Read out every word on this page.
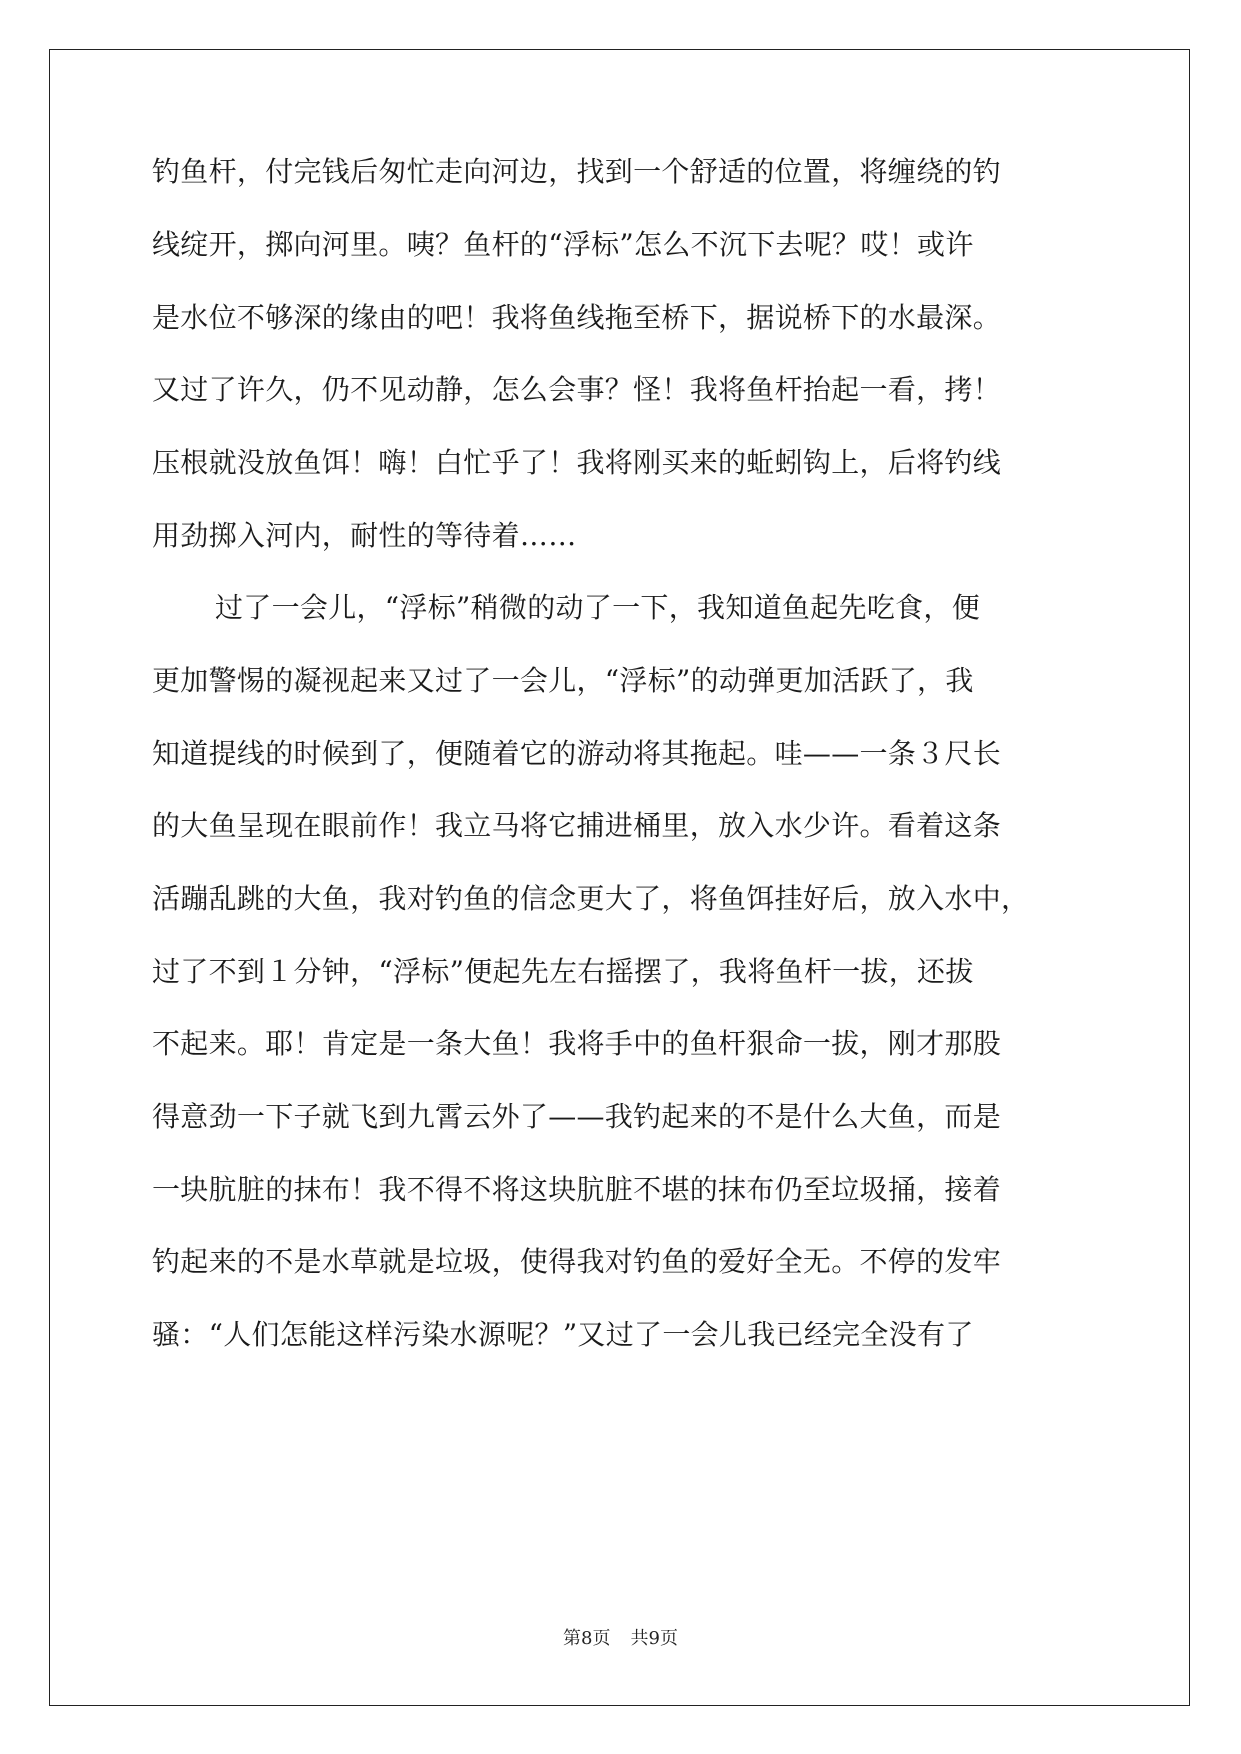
钓鱼杆，付完钱后匆忙走向河边，找到一个舒适的位置，将缠绕的钓
线绽开，掷向河里。咦？鱼杆的“浮标”怎么不沉下去呢？哎！或许
是水位不够深的缘由的吧！我将鱼线拖至桥下，据说桥下的水最深。
又过了许久，仍不见动静，怎么会事？怪！我将鱼杆抬起一看，拷！
压根就没放鱼饵！嗨！白忙乎了！我将刚买来的蚯蚓钩上，后将钓线
用劲掷入河内，耐性的等待着……
过了一会儿，“浮标”稍微的动了一下，我知道鱼起先吃食，便
更加警惕的凝视起来又过了一会儿，“浮标”的动弹更加活跃了，我
知道提线的时候到了，便随着它的游动将其拖起。哇——一条３尺长
的大鱼呈现在眼前作！我立马将它捕进桶里，放入水少许。看着这条
活蹦乱跳的大鱼，我对钓鱼的信念更大了，将鱼饵挂好后，放入水中，
过了不到１分钟，“浮标”便起先左右摇摆了，我将鱼杆一拔，还拔
不起来。耶！肯定是一条大鱼！我将手中的鱼杆狠命一拔，刚才那股
得意劲一下子就飞到九霄云外了——我钓起来的不是什么大鱼，而是
一块肮脏的抹布！我不得不将这块肮脏不堪的抹布仍至垃圾捅，接着
钓起来的不是水草就是垃圾，使得我对钓鱼的爱好全无。不停的发牢
骚：“人们怎能这样污染水源呢？”又过了一会儿我已经完全没有了
第8页 共9页
